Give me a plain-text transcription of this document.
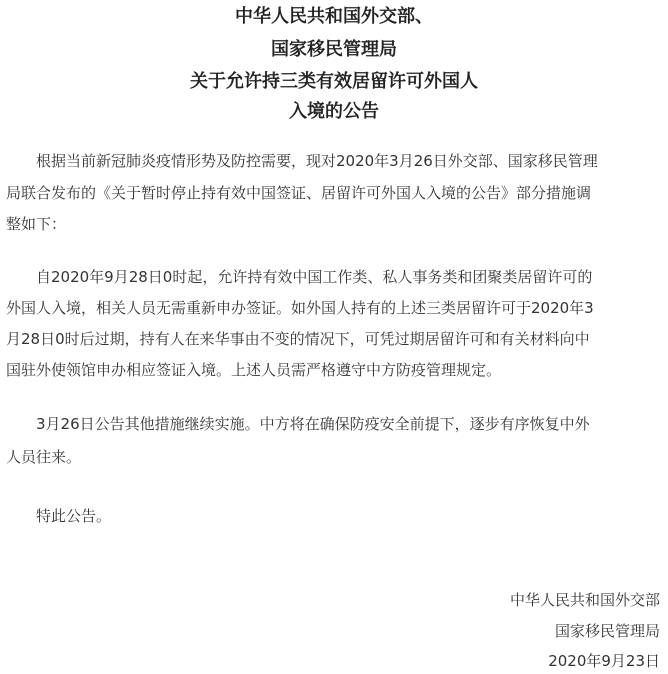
中华人民共和国外交部、
国家移民管理局
关于允许持三类有效居留许可外国人
入境的公告
　　根据当前新冠肺炎疫情形势及防控需要，现对2020年3月26日外交部、国家移民管理
局联合发布的《关于暂时停止持有效中国签证、居留许可外国人入境的公告》部分措施调
整如下：
　　自2020年9月28日0时起，允许持有效中国工作类、私人事务类和团聚类居留许可的
外国人入境，相关人员无需重新申办签证。如外国人持有的上述三类居留许可于2020年3
月28日0时后过期，持有人在来华事由不变的情况下，可凭过期居留许可和有关材料向中
国驻外使领馆申办相应签证入境。上述人员需严格遵守中方防疫管理规定。
　　3月26日公告其他措施继续实施。中方将在确保防疫安全前提下，逐步有序恢复中外
人员往来。
　　特此公告。
中华人民共和国外交部
国家移民管理局
2020年9月23日
